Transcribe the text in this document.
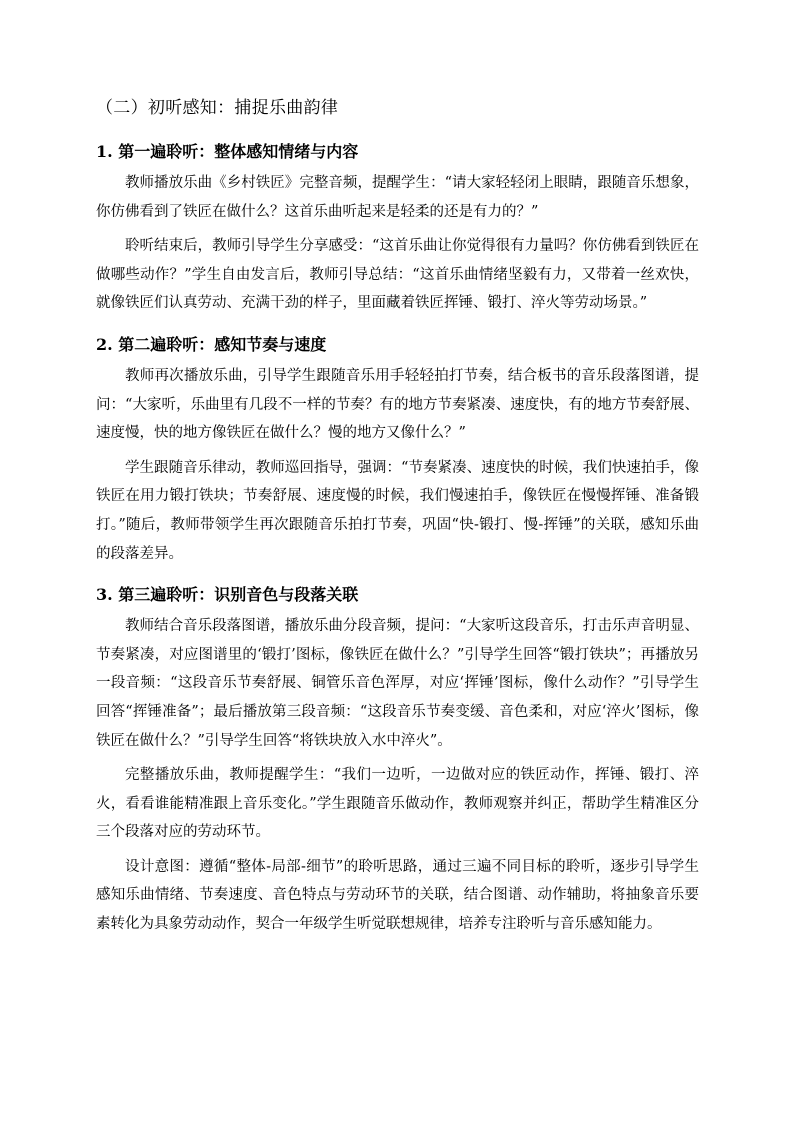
（二）初听感知：捕捉乐曲韵律
1. 第一遍聆听：整体感知情绪与内容

教师播放乐曲《乡村铁匠》完整音频，提醒学生：“请大家轻轻闭上眼睛，跟随音乐想象，你仿佛看到了铁匠在做什么？这首乐曲听起来是轻柔的还是有力的？”

聆听结束后，教师引导学生分享感受：“这首乐曲让你觉得很有力量吗？你仿佛看到铁匠在做哪些动作？”学生自由发言后，教师引导总结：“这首乐曲情绪坚毅有力，又带着一丝欢快，就像铁匠们认真劳动、充满干劲的样子，里面藏着铁匠挥锤、锻打、淬火等劳动场景。”

2. 第二遍聆听：感知节奏与速度

教师再次播放乐曲，引导学生跟随音乐用手轻轻拍打节奏，结合板书的音乐段落图谱，提问：“大家听，乐曲里有几段不一样的节奏？有的地方节奏紧凑、速度快，有的地方节奏舒展、速度慢，快的地方像铁匠在做什么？慢的地方又像什么？”

学生跟随音乐律动，教师巡回指导，强调：“节奏紧凑、速度快的时候，我们快速拍手，像铁匠在用力锻打铁块；节奏舒展、速度慢的时候，我们慢速拍手，像铁匠在慢慢挥锤、准备锻打。”随后，教师带领学生再次跟随音乐拍打节奏，巩固“快-锻打、慢-挥锤”的关联，感知乐曲的段落差异。

3. 第三遍聆听：识别音色与段落关联

教师结合音乐段落图谱，播放乐曲分段音频，提问：“大家听这段音乐，打击乐声音明显、节奏紧凑，对应图谱里的‘锻打’图标，像铁匠在做什么？”引导学生回答“锻打铁块”；再播放另一段音频：“这段音乐节奏舒展、铜管乐音色浑厚，对应‘挥锤’图标，像什么动作？”引导学生回答“挥锤准备”；最后播放第三段音频：“这段音乐节奏变缓、音色柔和，对应‘淬火’图标，像铁匠在做什么？”引导学生回答“将铁块放入水中淬火”。

完整播放乐曲，教师提醒学生：“我们一边听，一边做对应的铁匠动作，挥锤、锻打、淬火，看看谁能精准跟上音乐变化。”学生跟随音乐做动作，教师观察并纠正，帮助学生精准区分三个段落对应的劳动环节。

设计意图：遵循“整体-局部-细节”的聆听思路，通过三遍不同目标的聆听，逐步引导学生感知乐曲情绪、节奏速度、音色特点与劳动环节的关联，结合图谱、动作辅助，将抽象音乐要素转化为具象劳动动作，契合一年级学生听觉联想规律，培养专注聆听与音乐感知能力。
